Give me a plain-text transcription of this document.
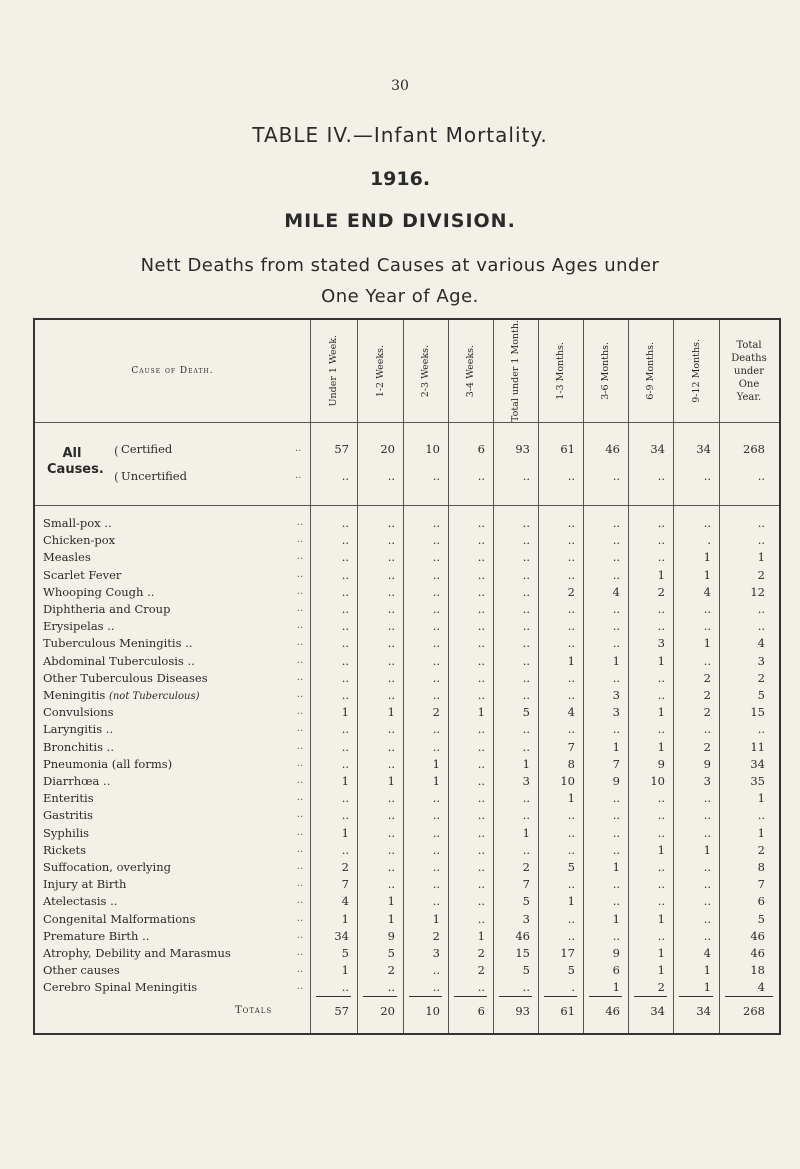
30
TABLE IV.—Infant Mortality.
1916.
MILE END DIVISION.
Nett Deaths from stated Causes at various Ages under
One Year of Age.
Cause of Death.	Under 1 Week.	1-2 Weeks.	2-3 Weeks.	3-4 Weeks.	Total under 1 Month.	1-3 Months.	3-6 Months.	6-9 Months.	9-12 Months.	Total
Deaths
under
One
Year.
All
Causes.
(

(
..
Certified	57	20	10	6	93	61	46	34	34	268
..
Uncertified	..	..	..	..	..	..	..	..	..	..
..
Small-pox ..	..	..	..	..	..	..	..	..	..	..
..
Chicken-pox	..	..	..	..	..	..	..	..	.	..
..
Measles	..	..	..	..	..	..	..	..	1	1
..
Scarlet Fever	..	..	..	..	..	..	..	1	1	2
..
Whooping Cough ..	..	..	..	..	..	2	4	2	4	12
..
Diphtheria and Croup	..	..	..	..	..	..	..	..	..	..
..
Erysipelas ..	..	..	..	..	..	..	..	..	..	..
..
Tuberculous Meningitis ..	..	..	..	..	..	..	..	3	1	4
..
Abdominal Tuberculosis ..	..	..	..	..	..	1	1	1	..	3
..
Other Tuberculous Diseases	..	..	..	..	..	..	..	..	2	2
..
Meningitis (not Tuberculous)	..	..	..	..	..	..	3	..	2	5
..
Convulsions	1	1	2	1	5	4	3	1	2	15
..
Laryngitis ..	..	..	..	..	..	..	..	..	..	..
..
Bronchitis ..	..	..	..	..	..	7	1	1	2	11
..
Pneumonia (all forms)	..	..	1	..	1	8	7	9	9	34
..
Diarrhœa ..	1	1	1	..	3	10	9	10	3	35
..
Enteritis	..	..	..	..	..	1	..	..	..	1
..
Gastritis	..	..	..	..	..	..	..	..	..	..
..
Syphilis	1	..	..	..	1	..	..	..	..	1
..
Rickets	..	..	..	..	..	..	..	1	1	2
..
Suffocation, overlying	2	..	..	..	2	5	1	..	..	8
..
Injury at Birth	7	..	..	..	7	..	..	..	..	7
..
Atelectasis ..	4	1	..	..	5	1	..	..	..	6
..
Congenital Malformations	1	1	1	..	3	..	1	1	..	5
..
Premature Birth ..	34	9	2	1	46	..	..	..	..	46
..
Atrophy, Debility and Marasmus	5	5	3	2	15	17	9	1	4	46
..
Other causes	1	2	..	2	5	5	6	1	1	18
..
Cerebro Spinal Meningitis	..	..	..	..	..	.	1	2	1	4
Totals	57	20	10	6	93	61	46	34	34	268
